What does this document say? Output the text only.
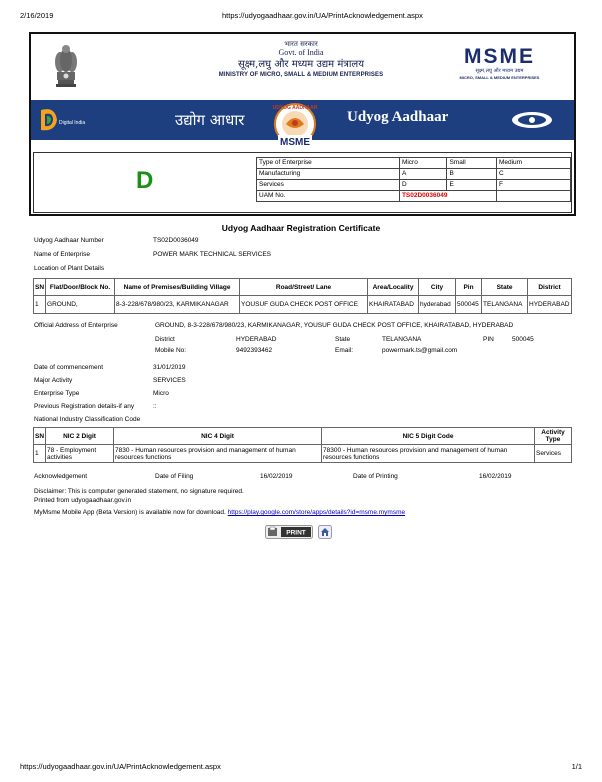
2/16/2019	https://udyogaadhaar.gov.in/UA/PrintAcknowledgement.aspx
भारत सरकार
Govt. of India
सूक्ष्म,लघु और मध्यम उद्यम मंत्रालय
MINISTRY OF MICRO, SMALL & MEDIUM ENTERPRISES
MSME
सूक्ष्म,लघु और मध्यम उद्यम
MICRO, SMALL & MEDIUM ENTERPRISES
Digital India	उद्योग आधार
UDYOG AADHAAR
MSME
Udyog Aadhaar
D
Type of Enterprise	Micro	Small	Medium
Manufacturing	A	B	C
Services	D	E	F
UAM No.	TS02D0036049		
Udyog Aadhaar Registration Certificate
Udyog Aadhaar Number	TS02D0036049
Name of Enterprise	POWER MARK TECHNICAL SERVICES
Location of Plant Details
SN	Flat/Door/Block No.	Name of Premises/Building Village	Road/Street/ Lane	Area/Locality	City	Pin	State	District
1	GROUND,	8-3-228/678/980/23, KARMIKANAGAR	YOUSUF GUDA CHECK POST OFFICE	KHAIRATABAD	hyderabad	500045	TELANGANA	HYDERABAD
Official Address of Enterprise	GROUND, 8-3-228/678/980/23, KARMIKANAGAR, YOUSUF GUDA CHECK POST OFFICE, KHAIRATABAD, HYDERABAD
District	HYDERABAD	State	TELANGANA	PIN	500045
Mobile No:	9492393462	Email:	powermark.ts@gmail.com
Date of commencement	31/01/2019
Major Activity	SERVICES
Enterprise Type	Micro
Previous Registration details-if any	::
National Industry Classification Code
SN	NIC 2 Digit	NIC 4 Digit	NIC 5 Digit Code	Activity Type
1	78 - Employment activities	7830 - Human resources provision and management of human resources functions	78300 - Human resources provision and management of human resources functions	Services
Acknowledgement	Date of Filing	16/02/2019	Date of Printing	16/02/2019
Disclaimer: This is computer generated statement, no signature required.
Printed from udyogaadhaar.gov.in
MyMsme Mobile App (Beta Version) is available now for download. https://play.google.com/store/apps/details?id=msme.mymsme
PRINT
https://udyogaadhaar.gov.in/UA/PrintAcknowledgement.aspx	1/1
